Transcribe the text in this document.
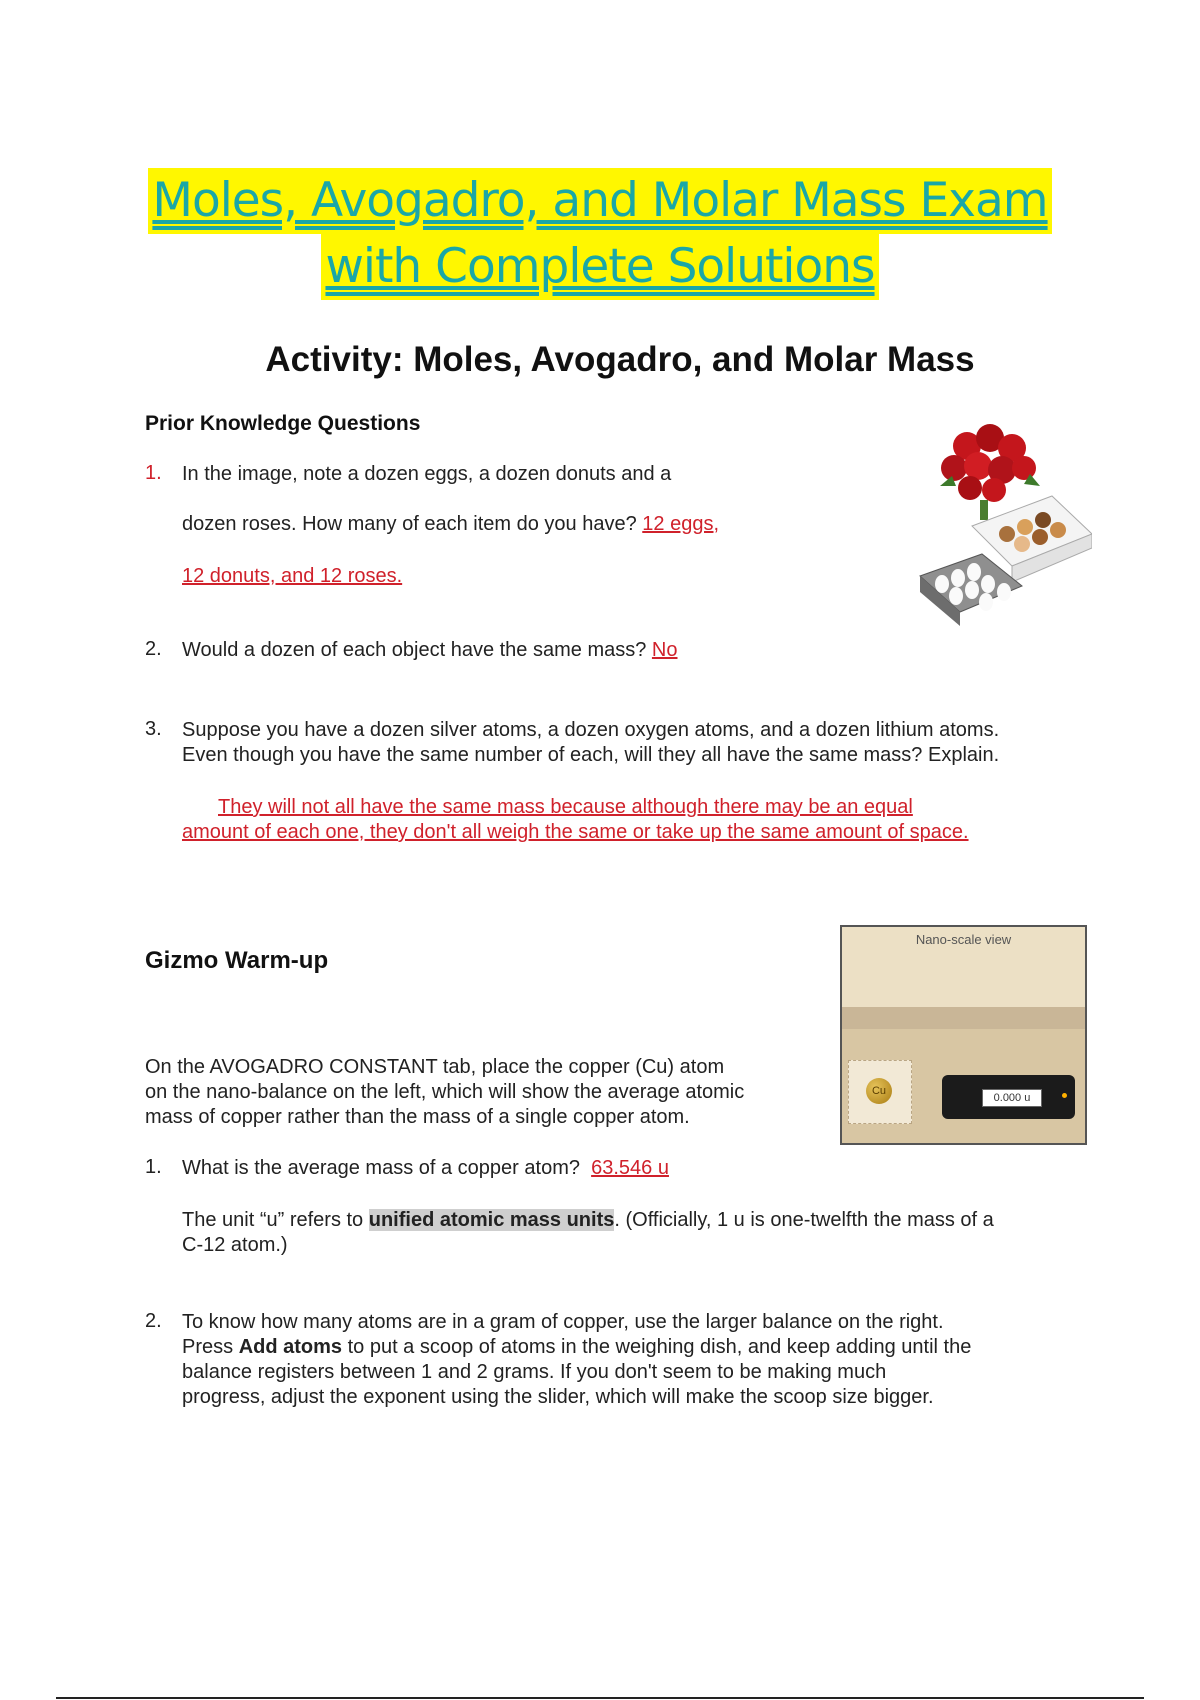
Moles, Avogadro, and Molar Mass Exam
with Complete Solutions
Activity: Moles, Avogadro, and Molar Mass
Prior Knowledge Questions
1. In the image, note a dozen eggs, a dozen donuts and a
dozen roses. How many of each item do you have? 12 eggs,
12 donuts, and 12 roses.
2. Would a dozen of each object have the same mass? No
3. Suppose you have a dozen silver atoms, a dozen oxygen atoms, and a dozen lithium atoms.
Even though you have the same number of each, will they all have the same mass? Explain.
They will not all have the same mass because although there may be an equal
amount of each one, they don't all weigh the same or take up the same amount of space.
Gizmo Warm-up
On the AVOGADRO CONSTANT tab, place the copper (Cu) atom
on the nano-balance on the left, which will show the average atomic
mass of copper rather than the mass of a single copper atom.
Nano-scale view
Cu
0.000 u
1. What is the average mass of a copper atom? 63.546 u
The unit “u” refers to unified atomic mass units. (Officially, 1 u is one-twelfth the mass of a
C-12 atom.)
2. To know how many atoms are in a gram of copper, use the larger balance on the right.
Press Add atoms to put a scoop of atoms in the weighing dish, and keep adding until the
balance registers between 1 and 2 grams. If you don't seem to be making much
progress, adjust the exponent using the slider, which will make the scoop size bigger.
